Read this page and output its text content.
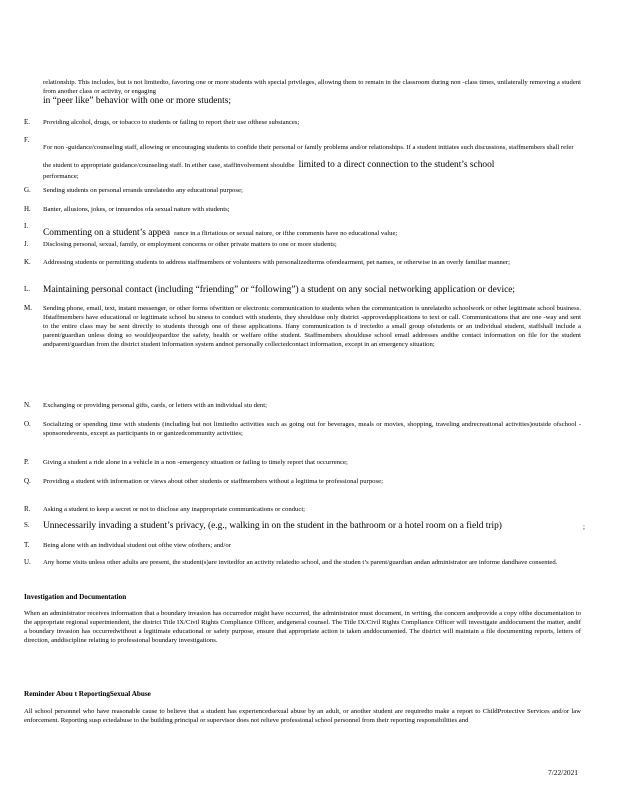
relationship. This includes, but is not limitedto, favoring one or more students with special privileges, allowing them to remain in the classroom during non -class times, unilaterally removing a student from another class or activity, or engaging
in “peer like” behavior with one or more students;
E.	Providing alcohol, drugs, or tobacco to students or failing to report their use ofthese substances;
F.
For non -guidance/counseling staff, allowing or encouraging students to confide their personal or family problems and/or relationships. If a student initiates such discussions, staffmembers shall refer the student to appropriate guidance/counseling staff. In either case, staffinvolvement shouldbe limited to a direct connection to the student’s school
performance;
G.	Sending students on personal errands unrelatedto any educational purpose;
H.	Banter, allusions, jokes, or innuendos ofa sexual nature with students;
I.
Commenting on a student’s appea rance in a flirtatious or sexual nature, or ifthe comments have no educational value;
J.	Disclosing personal, sexual, family, or employment concerns or other private matters to one or more students;
K.	Addressing students or permitting students to address staffmembers or volunteers with personalizedterms ofendearment, pet names, or otherwise in an overly familiar manner;
L.	Maintaining personal contact (including “friending” or “following”) a student on any social networking application or device;
M.	Sending phone, email, text, instant messenger, or other forms ofwritten or electronic communication to students when the communication is unrelatedto schoolwork or other legitimate school business. Ifstaffmembers have educational or legitimate school bu siness to conduct with students, they shoulduse only district -approvedapplications to text or call. Communications that are one -way and sent to the entire class may be sent directly to students through one of these applications. Ifany communication is d irectedto a small group ofstudents or an individual student, staffshall include a parent/guardian unless doing so wouldjeopardize the safety, health or welfare ofthe student. Staffmembers shoulduse school email addresses andthe contact information on file for the student andparent/guardian from the district student information system andnot personally collectedcontact information, except in an emergency situation;
N.	Exchanging or providing personal gifts, cards, or letters with an individual stu dent;
O.	Socializing or spending time with students (including but not limitedto activities such as going out for beverages, meals or movies, shopping, traveling andrecreational activities)outside ofschool -sponsoredevents, except as participants in or ganizedcommunity activities;
P.	Giving a student a ride alone in a vehicle in a non -emergency situation or failing to timely report that occurrence;
Q.	Providing a student with information or views about other students or staffmembers without a legitima te professional purpose;
R.	Asking a student to keep a secret or not to disclose any inappropriate communications or conduct;
S.	Unnecessarily invading a student’s privacy, (e.g., walking in on the student in the bathroom or a hotel room on a field trip)	;
T.	Being alone with an individual student out ofthe view ofothers; and/or
U.	Any home visits unless other adults are present, the student(s)are invitedfor an activity relatedto school, and the studen t’s parent/guardian andan administrator are informe dandhave consented.
Investigation and Documentation
When an administrator receives information that a boundary invasion has occurredor might have occurred, the administrator must document, in writing, the concern andprovide a copy ofthe documentation to the appropriate regional superintendent, the district Title IX/Civil Rights Compliance Officer, andgeneral counsel. The Title IX/Civil Rights Compliance Officer will investigate anddocument the matter, andif a boundary invasion has occurredwithout a legitimate educational or safety purpose, ensure that appropriate action is taken anddocumented. The district will maintain a file documenting reports, letters of direction, anddiscipline relating to professional boundary investigations.
Reminder Abou t ReportingSexual Abuse
All school personnel who have reasonable cause to believe that a student has experiencedsexual abuse by an adult, or another student are requiredto make a report to ChildProtective Services and/or law enforcement. Reporting susp ectedabuse to the building principal or supervisor does not relieve professional school personnel from their reporting responsibilities and
7/22/2021
